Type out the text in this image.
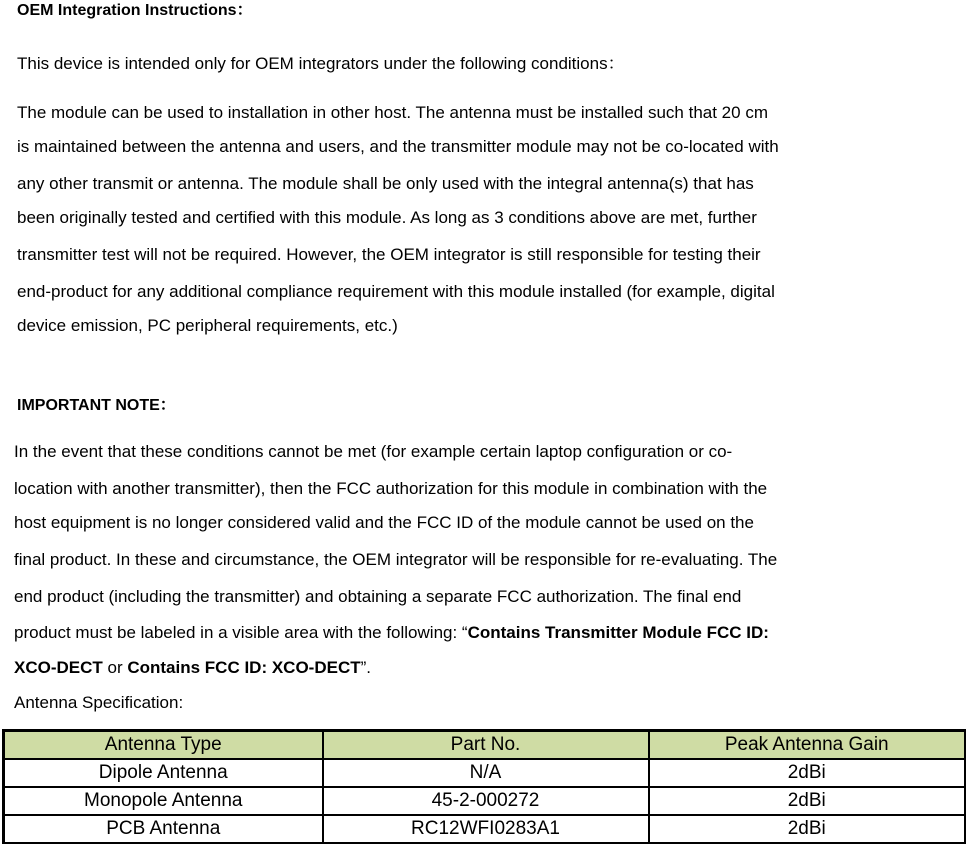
OEM Integration Instructions：
This device is intended only for OEM integrators under the following conditions：
The module can be used to installation in other host. The antenna must be installed such that 20 cm
is maintained between the antenna and users, and the transmitter module may not be co-located with
any other transmit or antenna. The module shall be only used with the integral antenna(s) that has
been originally tested and certified with this module. As long as 3 conditions above are met, further
transmitter test will not be required. However, the OEM integrator is still responsible for testing their
end-product for any additional compliance requirement with this module installed (for example, digital
device emission, PC peripheral requirements, etc.)
IMPORTANT NOTE：
In the event that these conditions cannot be met (for example certain laptop configuration or co-
location with another transmitter), then the FCC authorization for this module in combination with the
host equipment is no longer considered valid and the FCC ID of the module cannot be used on the
final product. In these and circumstance, the OEM integrator will be responsible for re-evaluating. The
end product (including the transmitter) and obtaining a separate FCC authorization. The final end
product must be labeled in a visible area with the following: “Contains Transmitter Module FCC ID:
XCO-DECT or Contains FCC ID: XCO-DECT”.
Antenna Specification:
Antenna Type	Part No.	Peak Antenna Gain
Dipole Antenna	N/A	2dBi
Monopole Antenna	45-2-000272	2dBi
PCB Antenna	RC12WFI0283A1	2dBi
